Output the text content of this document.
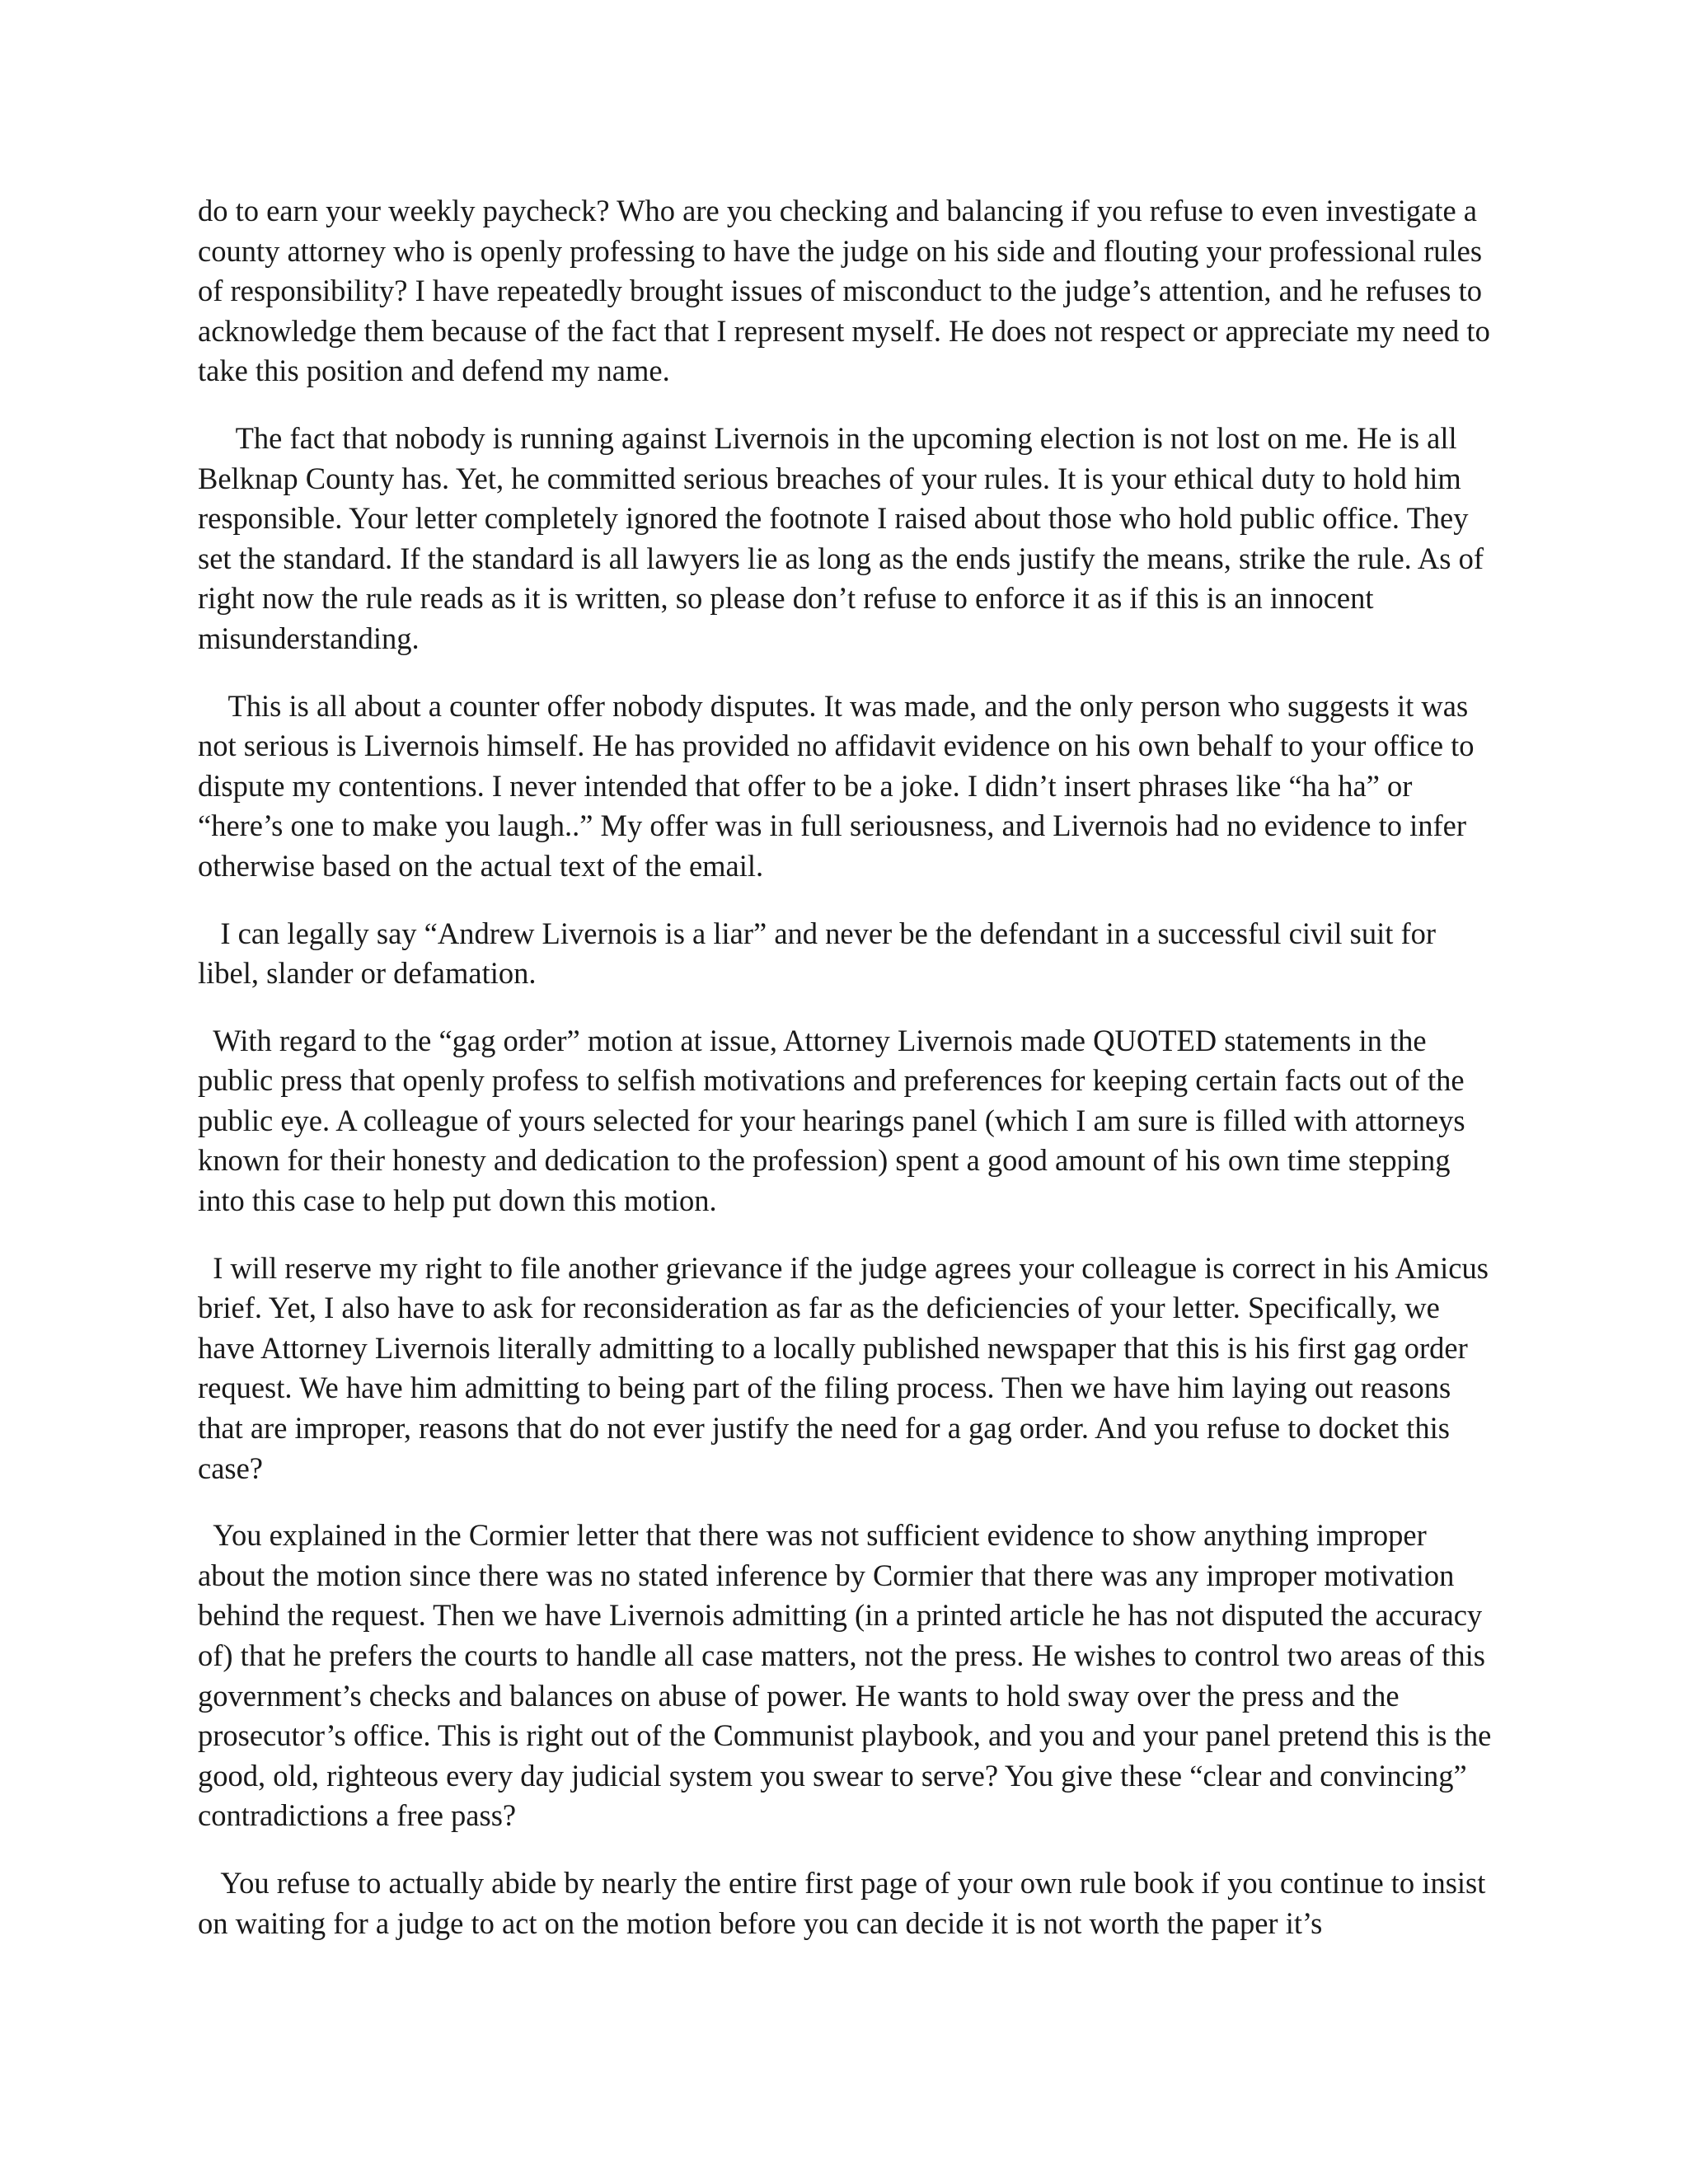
do to earn your weekly paycheck? Who are you checking and balancing if you refuse to even investigate a county attorney who is openly professing to have the judge on his side and flouting your professional rules of responsibility? I have repeatedly brought issues of misconduct to the judge’s attention, and he refuses to acknowledge them because of the fact that I represent myself. He does not respect or appreciate my need to take this position and defend my name.

The fact that nobody is running against Livernois in the upcoming election is not lost on me. He is all Belknap County has. Yet, he committed serious breaches of your rules. It is your ethical duty to hold him responsible. Your letter completely ignored the footnote I raised about those who hold public office. They set the standard. If the standard is all lawyers lie as long as the ends justify the means, strike the rule. As of right now the rule reads as it is written, so please don’t refuse to enforce it as if this is an innocent misunderstanding.

This is all about a counter offer nobody disputes. It was made, and the only person who suggests it was not serious is Livernois himself. He has provided no affidavit evidence on his own behalf to your office to dispute my contentions. I never intended that offer to be a joke. I didn’t insert phrases like “ha ha” or “here’s one to make you laugh..” My offer was in full seriousness, and Livernois had no evidence to infer otherwise based on the actual text of the email.

I can legally say “Andrew Livernois is a liar” and never be the defendant in a successful civil suit for libel, slander or defamation.

With regard to the “gag order” motion at issue, Attorney Livernois made QUOTED statements in the public press that openly profess to selfish motivations and preferences for keeping certain facts out of the public eye. A colleague of yours selected for your hearings panel (which I am sure is filled with attorneys known for their honesty and dedication to the profession) spent a good amount of his own time stepping into this case to help put down this motion.

I will reserve my right to file another grievance if the judge agrees your colleague is correct in his Amicus brief. Yet, I also have to ask for reconsideration as far as the deficiencies of your letter. Specifically, we have Attorney Livernois literally admitting to a locally published newspaper that this is his first gag order request. We have him admitting to being part of the filing process. Then we have him laying out reasons that are improper, reasons that do not ever justify the need for a gag order. And you refuse to docket this case?

You explained in the Cormier letter that there was not sufficient evidence to show anything improper about the motion since there was no stated inference by Cormier that there was any improper motivation behind the request. Then we have Livernois admitting (in a printed article he has not disputed the accuracy of) that he prefers the courts to handle all case matters, not the press. He wishes to control two areas of this government’s checks and balances on abuse of power. He wants to hold sway over the press and the prosecutor’s office. This is right out of the Communist playbook, and you and your panel pretend this is the good, old, righteous every day judicial system you swear to serve? You give these “clear and convincing” contradictions a free pass?

You refuse to actually abide by nearly the entire first page of your own rule book if you continue to insist on waiting for a judge to act on the motion before you can decide it is not worth the paper it’s
